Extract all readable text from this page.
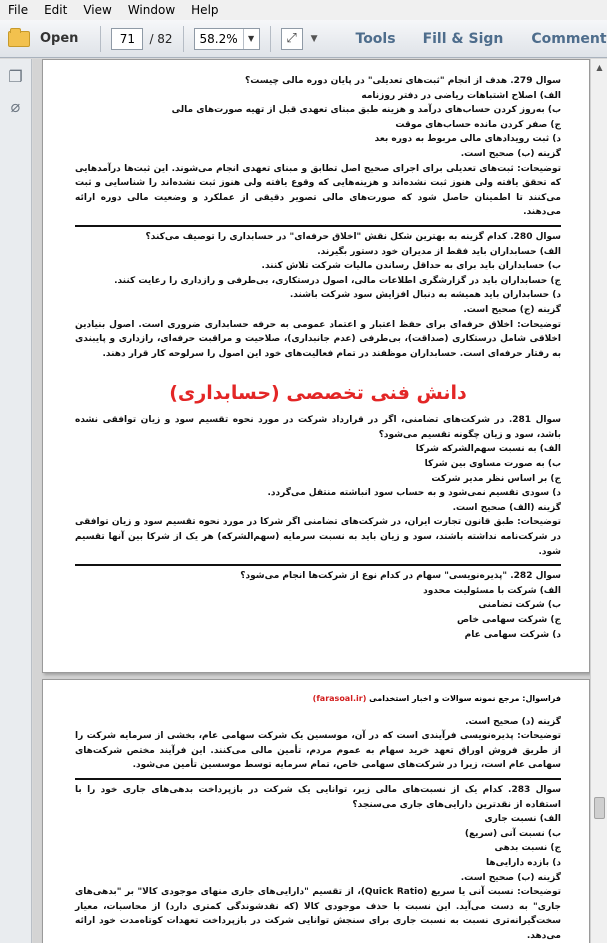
File	Edit	View	Window	Help
Open	71	/ 82	58.2%	▼	⤢	▼	Tools Fill & Sign Comment
❐
⌀
سوال 279. هدف از انجام "ثبت‌های تعدیلی" در پایان دوره مالی چیست؟
الف) اصلاح اشتباهات ریاضی در دفتر روزنامه
ب) به‌روز کردن حساب‌های درآمد و هزینه طبق مبنای تعهدی قبل از تهیه صورت‌های مالی
ج) صفر کردن مانده حساب‌های موقت
د) ثبت رویدادهای مالی مربوط به دوره بعد
گزینه (ب) صحیح است.
توضیحات: ثبت‌های تعدیلی برای اجرای صحیح اصل تطابق و مبنای تعهدی انجام می‌شوند. این ثبت‌ها درآمدهایی که تحقق یافته ولی هنوز ثبت نشده‌اند و هزینه‌هایی که وقوع یافته ولی هنوز ثبت نشده‌اند را شناسایی و ثبت می‌کنند تا اطمینان حاصل شود که صورت‌های مالی تصویر دقیقی از عملکرد و وضعیت مالی دوره ارائه می‌دهند.
سوال 280. کدام گزینه به بهترین شکل نقش "اخلاق حرفه‌ای" در حسابداری را توصیف می‌کند؟
الف) حسابداران باید فقط از مدیران خود دستور بگیرند.
ب) حسابداران باید برای به حداقل رساندن مالیات شرکت تلاش کنند.
ج) حسابداران باید در گزارشگری اطلاعات مالی، اصول درستکاری، بی‌طرفی و رازداری را رعایت کنند.
د) حسابداران باید همیشه به دنبال افزایش سود شرکت باشند.
گزینه (ج) صحیح است.
توضیحات: اخلاق حرفه‌ای برای حفظ اعتبار و اعتماد عمومی به حرفه حسابداری ضروری است. اصول بنیادین اخلاقی شامل درستکاری (صداقت)، بی‌طرفی (عدم جانبداری)، صلاحیت و مراقبت حرفه‌ای، رازداری و پایبندی به رفتار حرفه‌ای است. حسابداران موظفند در تمام فعالیت‌های خود این اصول را سرلوحه کار قرار دهند.
دانش فنی تخصصی (حسابداری)
سوال 281. در شرکت‌های تضامنی، اگر در قرارداد شرکت در مورد نحوه تقسیم سود و زیان توافقی نشده باشد، سود و زیان چگونه تقسیم می‌شود؟
الف) به نسبت سهم‌الشرکه شرکا
ب) به صورت مساوی بین شرکا
ج) بر اساس نظر مدیر شرکت
د) سودی تقسیم نمی‌شود و به حساب سود انباشته منتقل می‌گردد.
گزینه (الف) صحیح است.
توضیحات: طبق قانون تجارت ایران، در شرکت‌های تضامنی اگر شرکا در مورد نحوه تقسیم سود و زیان توافقی در شرکت‌نامه نداشته باشند، سود و زیان باید به نسبت سرمایه (سهم‌الشرکه) هر یک از شرکا بین آنها تقسیم شود.
سوال 282. "پذیره‌نویسی" سهام در کدام نوع از شرکت‌ها انجام می‌شود؟
الف) شرکت با مسئولیت محدود
ب) شرکت تضامنی
ج) شرکت سهامی خاص
د) شرکت سهامی عام
فراسوال: مرجع نمونه سوالات و اخبار استخدامی (farasoal.ir)
گزینه (د) صحیح است.
توضیحات: پذیره‌نویسی فرآیندی است که در آن، موسسین یک شرکت سهامی عام، بخشی از سرمایه شرکت را از طریق فروش اوراق تعهد خرید سهام به عموم مردم، تأمین مالی می‌کنند. این فرآیند مختص شرکت‌های سهامی عام است، زیرا در شرکت‌های سهامی خاص، تمام سرمایه توسط موسسین تأمین می‌شود.
سوال 283. کدام یک از نسبت‌های مالی زیر، توانایی یک شرکت در بازپرداخت بدهی‌های جاری خود را با استفاده از نقدترین دارایی‌های جاری می‌سنجد؟
الف) نسبت جاری
ب) نسبت آنی (سریع)
ج) نسبت بدهی
د) بازده دارایی‌ها
گزینه (ب) صحیح است.
توضیحات: نسبت آنی یا سریع (Quick Ratio)، از تقسیم "دارایی‌های جاری منهای موجودی کالا" بر "بدهی‌های جاری" به دست می‌آید. این نسبت با حذف موجودی کالا (که نقدشوندگی کمتری دارد) از محاسبات، معیار سخت‌گیرانه‌تری نسبت به نسبت جاری برای سنجش توانایی شرکت در بازپرداخت تعهدات کوتاه‌مدت خود ارائه می‌دهد.
▲
